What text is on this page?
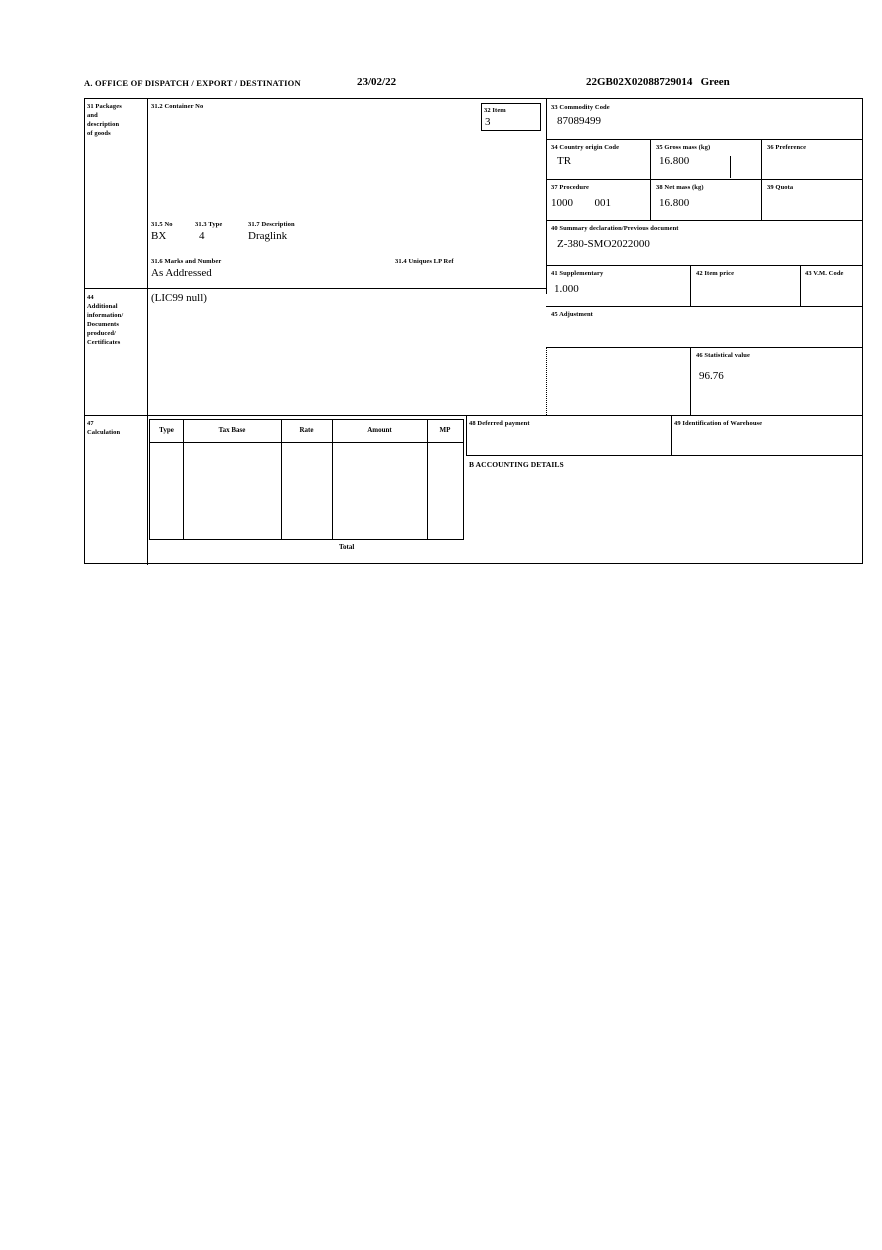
A. OFFICE OF DISPATCH / EXPORT / DESTINATION	23/02/22	22GB02X02088729014 Green
31 Packages
and
description
of goods
31.2 Container No
31.5 No	31.3 Type	31.7 Description
BX	4	Draglink
31.6 Marks and Number	31.4 Uniques LP Ref
As Addressed
32 Item
3
33 Commodity Code
87089499
34 Country origin Code
TR
35 Gross mass (kg)
16.800
36 Preference
37 Procedure
1000 001
38 Net mass (kg)
16.800
39 Quota
40 Summary declaration/Previous document
Z-380-SMO2022000
41 Supplementary
1.000
42 Item price	43 V.M. Code
45 Adjustment
46 Statistical value
96.76
44
Additional
information/
Documents
produced/
Certificates
(LIC99 null)
47
Calculation	Type	Tax Base	Rate	Amount	MP
Total
48 Deferred payment	49 Identification of Warehouse
B ACCOUNTING DETAILS
